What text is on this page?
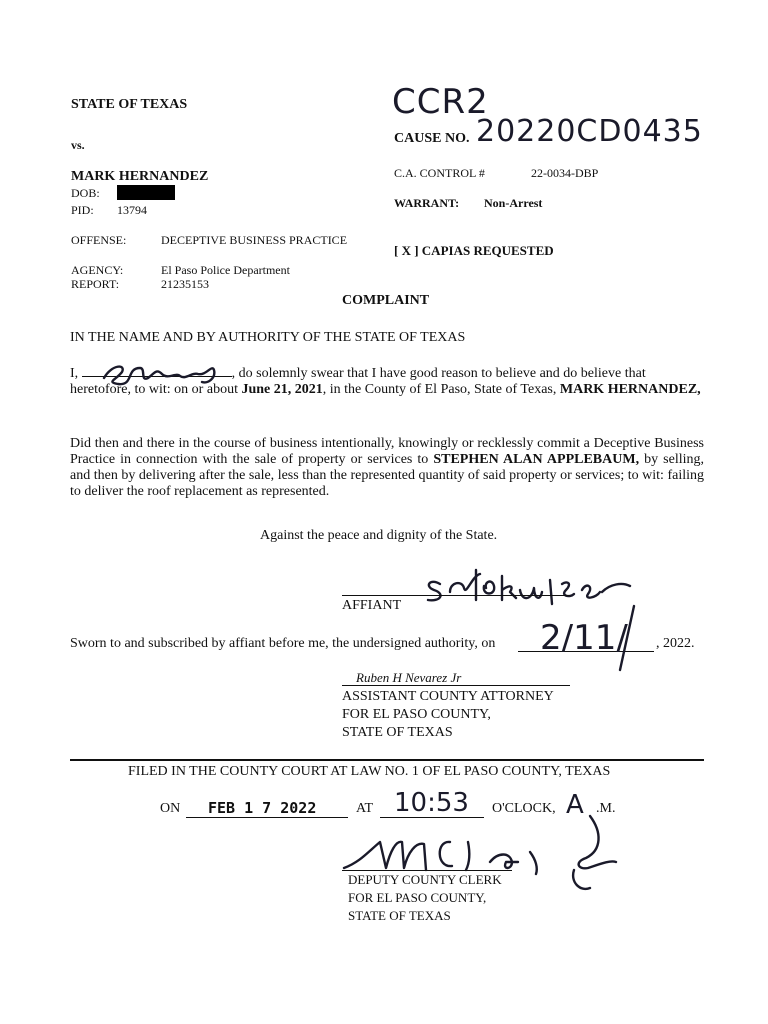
STATE OF TEXAS
vs.
MARK HERNANDEZ
DOB:
PID: 13794
CCR2
CAUSE NO. 20220CD0435
C.A. CONTROL #	22-0034-DBP
WARRANT: Non-Arrest
OFFENSE:	DECEPTIVE BUSINESS PRACTICE
[ X ] CAPIAS REQUESTED
AGENCY:	El Paso Police Department
REPORT:	21235153
COMPLAINT
IN THE NAME AND BY AUTHORITY OF THE STATE OF TEXAS
I,	, do solemnly swear that I have good reason to believe and do believe that
heretofore, to wit: on or about June 21, 2021, in the County of El Paso, State of Texas, MARK HERNANDEZ,
Did then and there in the course of business intentionally, knowingly or recklessly commit a Deceptive Business Practice in connection with the sale of property or services to STEPHEN ALAN APPLEBAUM, by selling, and then by delivering after the sale, less than the represented quantity of said property or services; to wit: failing to deliver the roof replacement as represented.
Against the peace and dignity of the State.
AFFIANT
Sworn to and subscribed by affiant before me, the undersigned authority, on 2/11/ , 2022.
Ruben H Nevarez Jr
ASSISTANT COUNTY ATTORNEY
FOR EL PASO COUNTY,
STATE OF TEXAS
FILED IN THE COUNTY COURT AT LAW NO. 1 OF EL PASO COUNTY, TEXAS
ON FEB 1 7 2022	AT 10:53 O'CLOCK, A .M.
DEPUTY COUNTY CLERK
FOR EL PASO COUNTY,
STATE OF TEXAS
